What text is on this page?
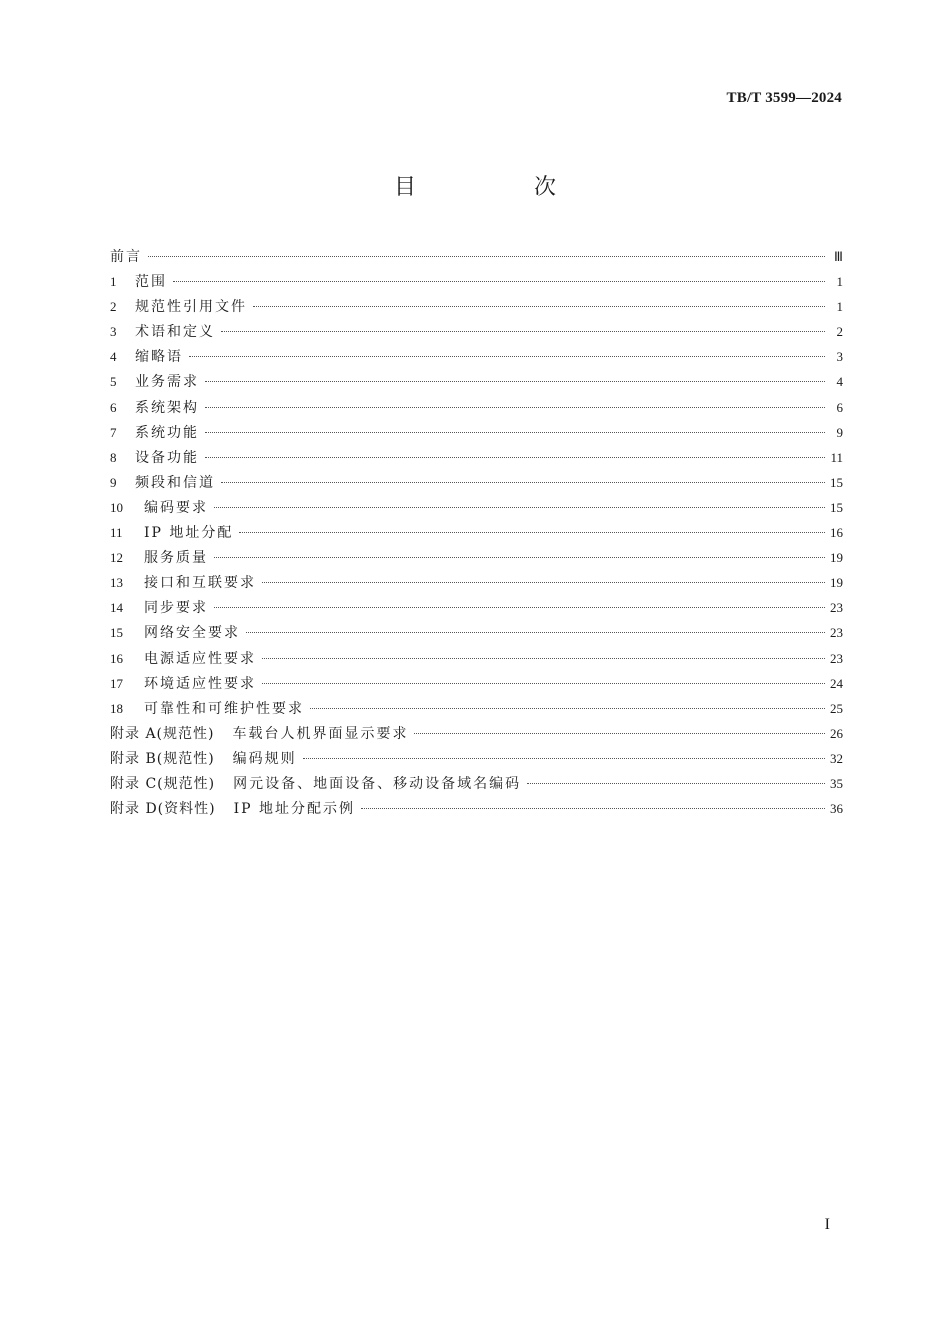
TB/T 3599—2024
目　次
前言	Ⅲ
1	范围	1
2	规范性引用文件	1
3	术语和定义	2
4	缩略语	3
5	业务需求	4
6	系统架构	6
7	系统功能	9
8	设备功能	11
9	频段和信道	15
10	编码要求	15
11	IP 地址分配	16
12	服务质量	19
13	接口和互联要求	19
14	同步要求	23
15	网络安全要求	23
16	电源适应性要求	23
17	环境适应性要求	24
18	可靠性和可维护性要求	25
附录 A(规范性) 车载台人机界面显示要求	26
附录 B(规范性) 编码规则	32
附录 C(规范性) 网元设备、地面设备、移动设备域名编码	35
附录 D(资料性) IP 地址分配示例	36
I
